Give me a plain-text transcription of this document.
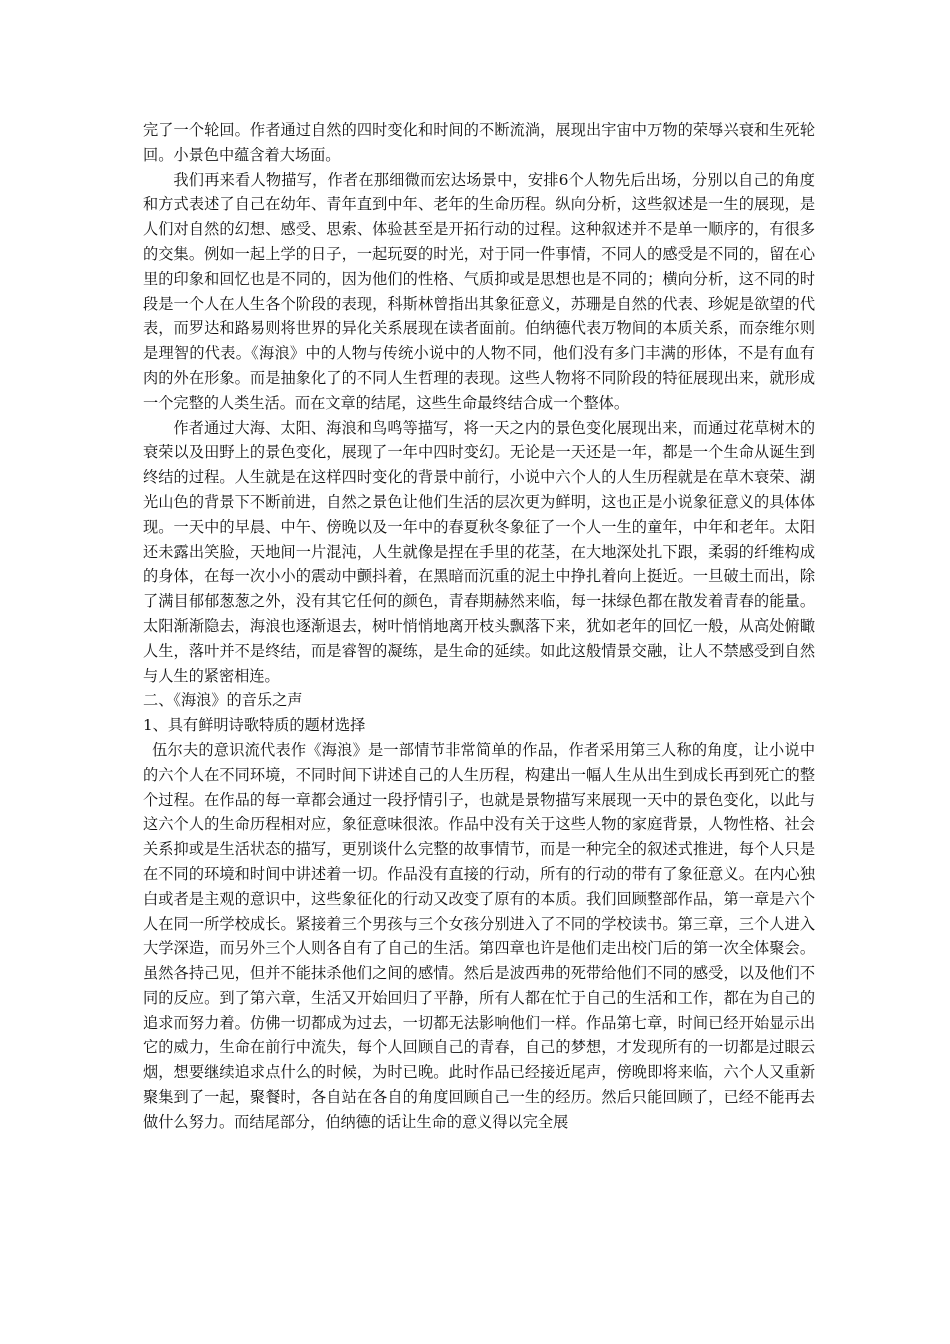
完了一个轮回。作者通过自然的四时变化和时间的不断流淌，展现出宇宙中万物的荣辱兴衰和生死轮回。小景色中蕴含着大场面。

我们再来看人物描写，作者在那细微而宏达场景中，安排6个人物先后出场，分别以自己的角度和方式表述了自己在幼年、青年直到中年、老年的生命历程。纵向分析，这些叙述是一生的展现，是人们对自然的幻想、感受、思索、体验甚至是开拓行动的过程。这种叙述并不是单一顺序的，有很多的交集。例如一起上学的日子，一起玩耍的时光，对于同一件事情，不同人的感受是不同的，留在心里的印象和回忆也是不同的，因为他们的性格、气质抑或是思想也是不同的；横向分析，这不同的时段是一个人在人生各个阶段的表现，科斯林曾指出其象征意义，苏珊是自然的代表、珍妮是欲望的代表，而罗达和路易则将世界的异化关系展现在读者面前。伯纳德代表万物间的本质关系，而奈维尔则是理智的代表。《海浪》中的人物与传统小说中的人物不同，他们没有多门丰满的形体，不是有血有肉的外在形象。而是抽象化了的不同人生哲理的表现。这些人物将不同阶段的特征展现出来，就形成一个完整的人类生活。而在文章的结尾，这些生命最终结合成一个整体。

作者通过大海、太阳、海浪和鸟鸣等描写，将一天之内的景色变化展现出来，而通过花草树木的衰荣以及田野上的景色变化，展现了一年中四时变幻。无论是一天还是一年，都是一个生命从诞生到终结的过程。人生就是在这样四时变化的背景中前行，小说中六个人的人生历程就是在草木衰荣、湖光山色的背景下不断前进，自然之景色让他们生活的层次更为鲜明，这也正是小说象征意义的具体体现。一天中的早晨、中午、傍晚以及一年中的春夏秋冬象征了一个人一生的童年，中年和老年。太阳还未露出笑脸，天地间一片混沌，人生就像是捏在手里的花茎，在大地深处扎下跟，柔弱的纤维构成的身体，在每一次小小的震动中颤抖着，在黑暗而沉重的泥土中挣扎着向上挺近。一旦破土而出，除了满目郁郁葱葱之外，没有其它任何的颜色，青春期赫然来临，每一抹绿色都在散发着青春的能量。太阳渐渐隐去，海浪也逐渐退去，树叶悄悄地离开枝头飘落下来，犹如老年的回忆一般，从高处俯瞰人生，落叶并不是终结，而是睿智的凝练，是生命的延续。如此这般情景交融，让人不禁感受到自然与人生的紧密相连。

二、《海浪》的音乐之声

1、具有鲜明诗歌特质的题材选择

伍尔夫的意识流代表作《海浪》是一部情节非常简单的作品，作者采用第三人称的角度，让小说中的六个人在不同环境，不同时间下讲述自己的人生历程，构建出一幅人生从出生到成长再到死亡的整个过程。在作品的每一章都会通过一段抒情引子，也就是景物描写来展现一天中的景色变化，以此与这六个人的生命历程相对应，象征意味很浓。作品中没有关于这些人物的家庭背景，人物性格、社会关系抑或是生活状态的描写，更别谈什么完整的故事情节，而是一种完全的叙述式推进，每个人只是在不同的环境和时间中讲述着一切。作品没有直接的行动，所有的行动的带有了象征意义。在内心独白或者是主观的意识中，这些象征化的行动又改变了原有的本质。我们回顾整部作品，第一章是六个人在同一所学校成长。紧接着三个男孩与三个女孩分别进入了不同的学校读书。第三章，三个人进入大学深造，而另外三个人则各自有了自己的生活。第四章也许是他们走出校门后的第一次全体聚会。虽然各持己见，但并不能抹杀他们之间的感情。然后是波西弗的死带给他们不同的感受，以及他们不同的反应。到了第六章，生活又开始回归了平静，所有人都在忙于自己的生活和工作，都在为自己的追求而努力着。仿佛一切都成为过去，一切都无法影响他们一样。作品第七章，时间已经开始显示出它的威力，生命在前行中流失，每个人回顾自己的青春，自己的梦想，才发现所有的一切都是过眼云烟，想要继续追求点什么的时候，为时已晚。此时作品已经接近尾声，傍晚即将来临，六个人又重新聚集到了一起，聚餐时，各自站在各自的角度回顾自己一生的经历。然后只能回顾了，已经不能再去做什么努力。而结尾部分，伯纳德的话让生命的意义得以完全展
